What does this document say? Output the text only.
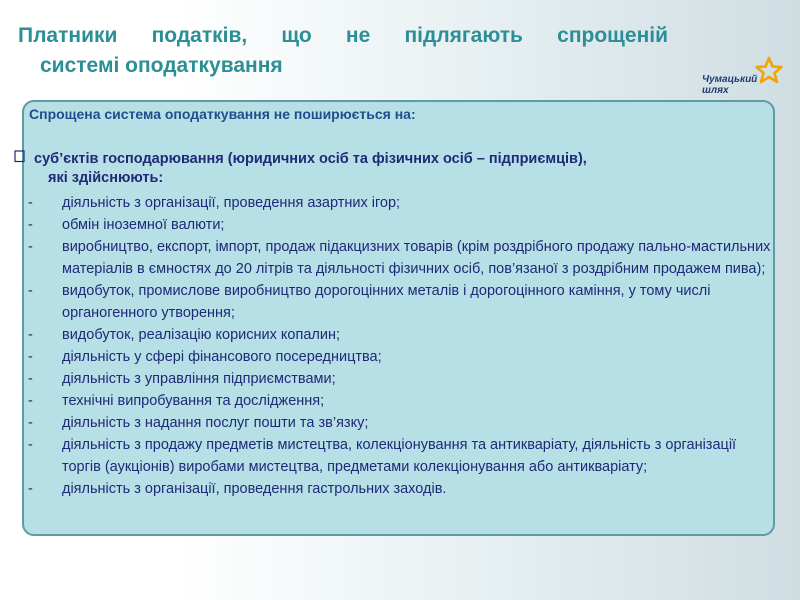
Платники податків, що не підлягають спрощеній
системі оподаткування
Чумацький
шлях

Спрощена система оподаткування не поширюється на:

суб’єктів господарювання (юридичних осіб та фізичних осіб – підприємців),
які здійснюють:
- діяльність з організації, проведення азартних ігор;
- обмін іноземної валюти;
- виробництво, експорт, імпорт, продаж підакцизних товарів (крім роздрібного продажу пально-мастильних матеріалів в ємностях до 20 літрів та діяльності фізичних осіб, пов’язаної з роздрібним продажем пива);
- видобуток, промислове виробництво дорогоцінних металів і дорогоцінного каміння, у тому числі органогенного утворення;
- видобуток, реалізацію корисних копалин;
- діяльність у сфері фінансового посередництва;
- діяльність з управління підприємствами;
- технічні випробування та дослідження;
- діяльність з надання послуг пошти та зв’язку;
- діяльність з продажу предметів мистецтва, колекціонування та антикваріату, діяльність з організації торгів (аукціонів) виробами мистецтва, предметами колекціонування або антикваріату;
- діяльність з організації, проведення гастрольних заходів.
